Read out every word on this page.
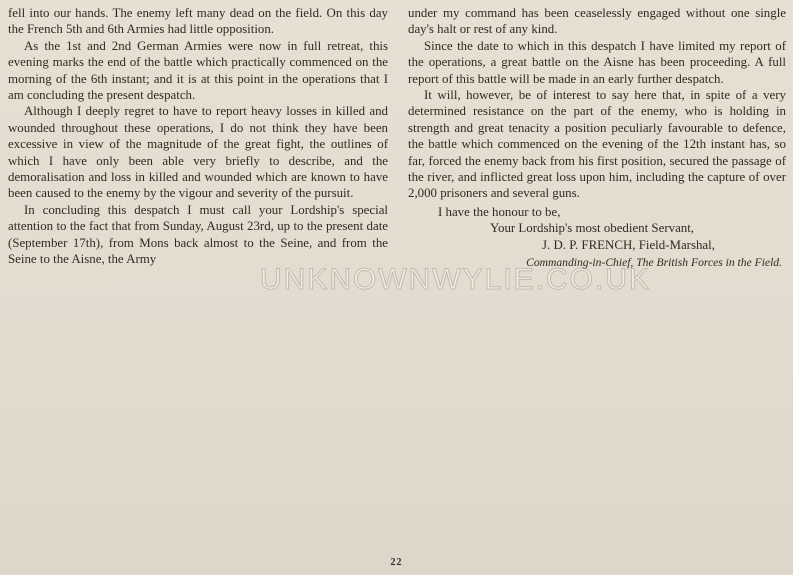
fell into our hands. The enemy left many dead on the field. On this day the French 5th and 6th Armies had little opposition.

As the 1st and 2nd German Armies were now in full retreat, this evening marks the end of the battle which practically commenced on the morning of the 6th instant; and it is at this point in the operations that I am concluding the present despatch.

Although I deeply regret to have to report heavy losses in killed and wounded throughout these operations, I do not think they have been excessive in view of the magnitude of the great fight, the outlines of which I have only been able very briefly to describe, and the demoralisation and loss in killed and wounded which are known to have been caused to the enemy by the vigour and severity of the pursuit.

In concluding this despatch I must call your Lordship's special attention to the fact that from Sunday, August 23rd, up to the present date (September 17th), from Mons back almost to the Seine, and from the Seine to the Aisne, the Army

under my command has been ceaselessly engaged without one single day's halt or rest of any kind.

Since the date to which in this despatch I have limited my report of the operations, a great battle on the Aisne has been proceeding. A full report of this battle will be made in an early further despatch.

It will, however, be of interest to say here that, in spite of a very determined resistance on the part of the enemy, who is holding in strength and great tenacity a position peculiarly favourable to defence, the battle which commenced on the evening of the 12th instant has, so far, forced the enemy back from his first position, secured the passage of the river, and inflicted great loss upon him, including the capture of over 2,000 prisoners and several guns.

I have the honour to be,
Your Lordship's most obedient Servant,
J. D. P. FRENCH, Field-Marshal,
Commanding-in-Chief, The British Forces in the Field.
UNKNOWNWYLIE.CO.UK
22
